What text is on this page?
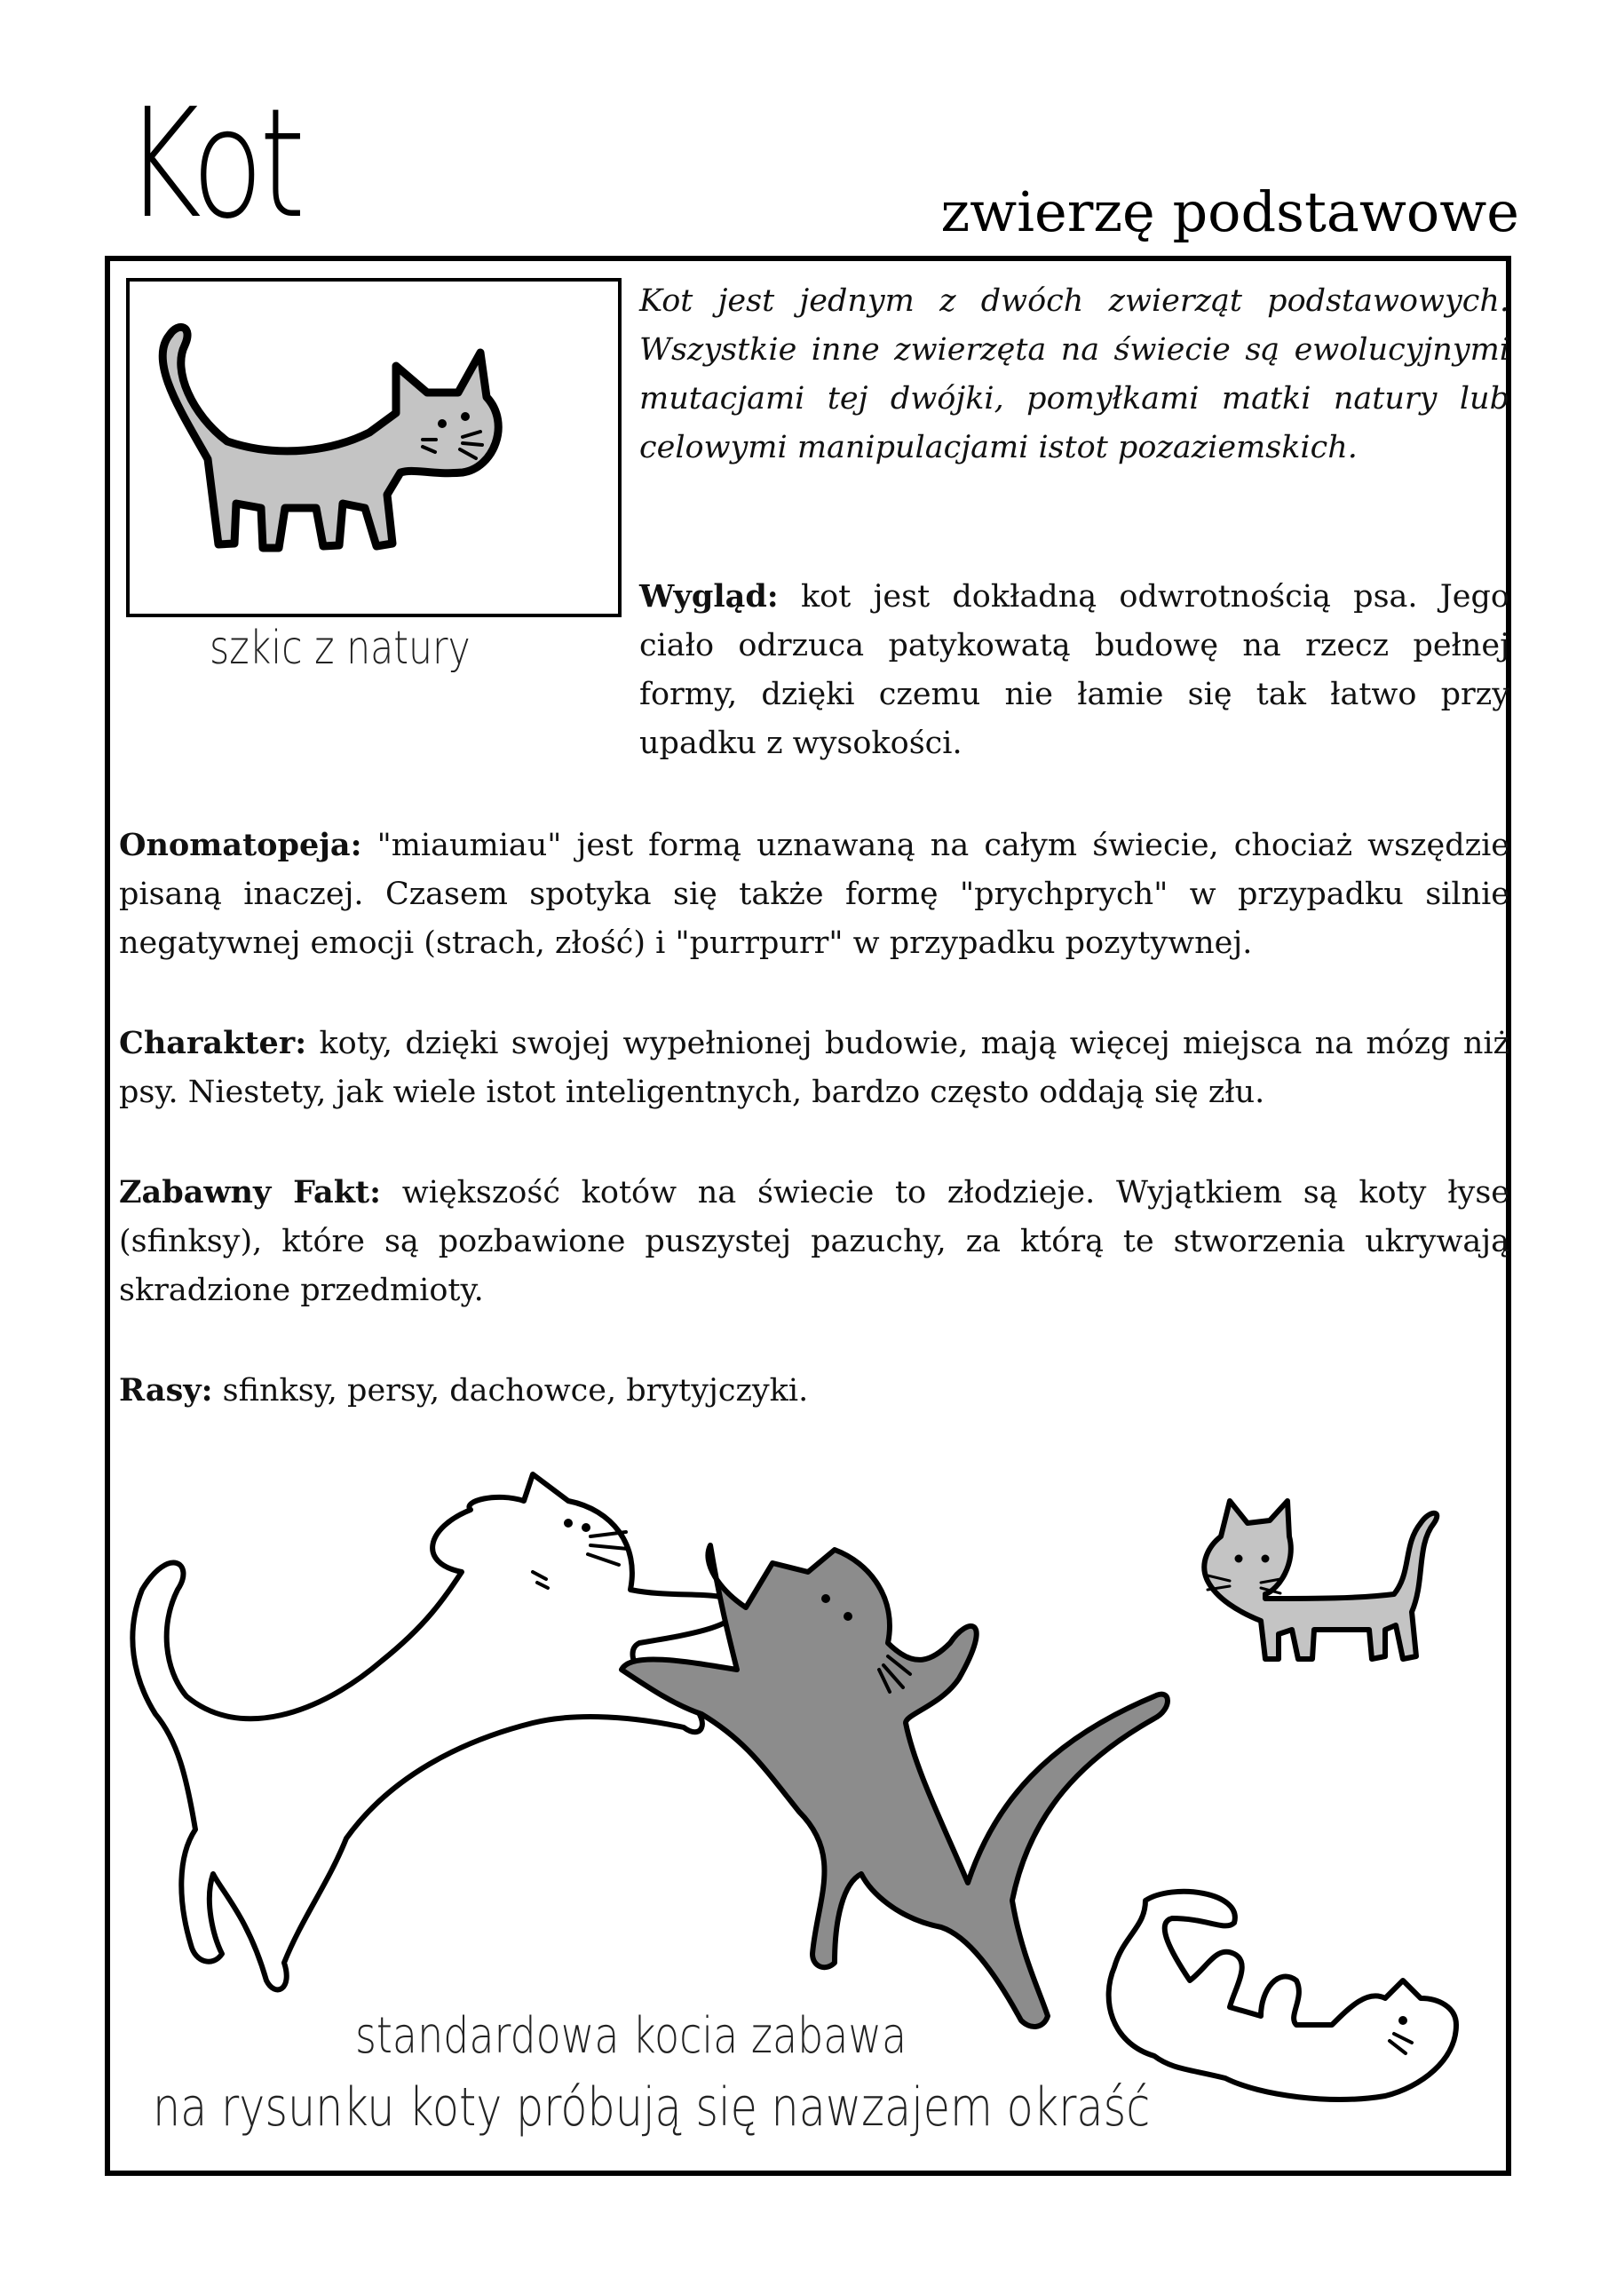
Kot	zwierzę podstawowe
szkic z natury

Kot jest jednym z dwóch zwierząt podstawowych. Wszystkie inne zwierzęta na świecie są ewolucyjnymi mutacjami tej dwójki, pomyłkami matki natury lub celowymi manipulacjami istot pozaziemskich.

Wygląd: kot jest dokładną odwrotnością psa. Jego ciało odrzuca patykowatą budowę na rzecz pełnej formy, dzięki czemu nie łamie się tak łatwo przy upadku z wysokości.

Onomatopeja: "miaumiau" jest formą uznawaną na całym świecie, chociaż wszędzie pisaną inaczej. Czasem spotyka się także formę "prychprych" w przypadku silnie negatywnej emocji (strach, złość) i "purrpurr" w przypadku pozytywnej.

Charakter: koty, dzięki swojej wypełnionej budowie, mają więcej miejsca na mózg niż psy. Niestety, jak wiele istot inteligentnych, bardzo często oddają się złu.

Zabawny Fakt: większość kotów na świecie to złodzieje. Wyjątkiem są koty łyse (sfinksy), które są pozbawione puszystej pazuchy, za którą te stworzenia ukrywają skradzione przedmioty.

Rasy: sfinksy, persy, dachowce, brytyjczyki.

standardowa kocia zabawa
na rysunku koty próbują się nawzajem okraść
